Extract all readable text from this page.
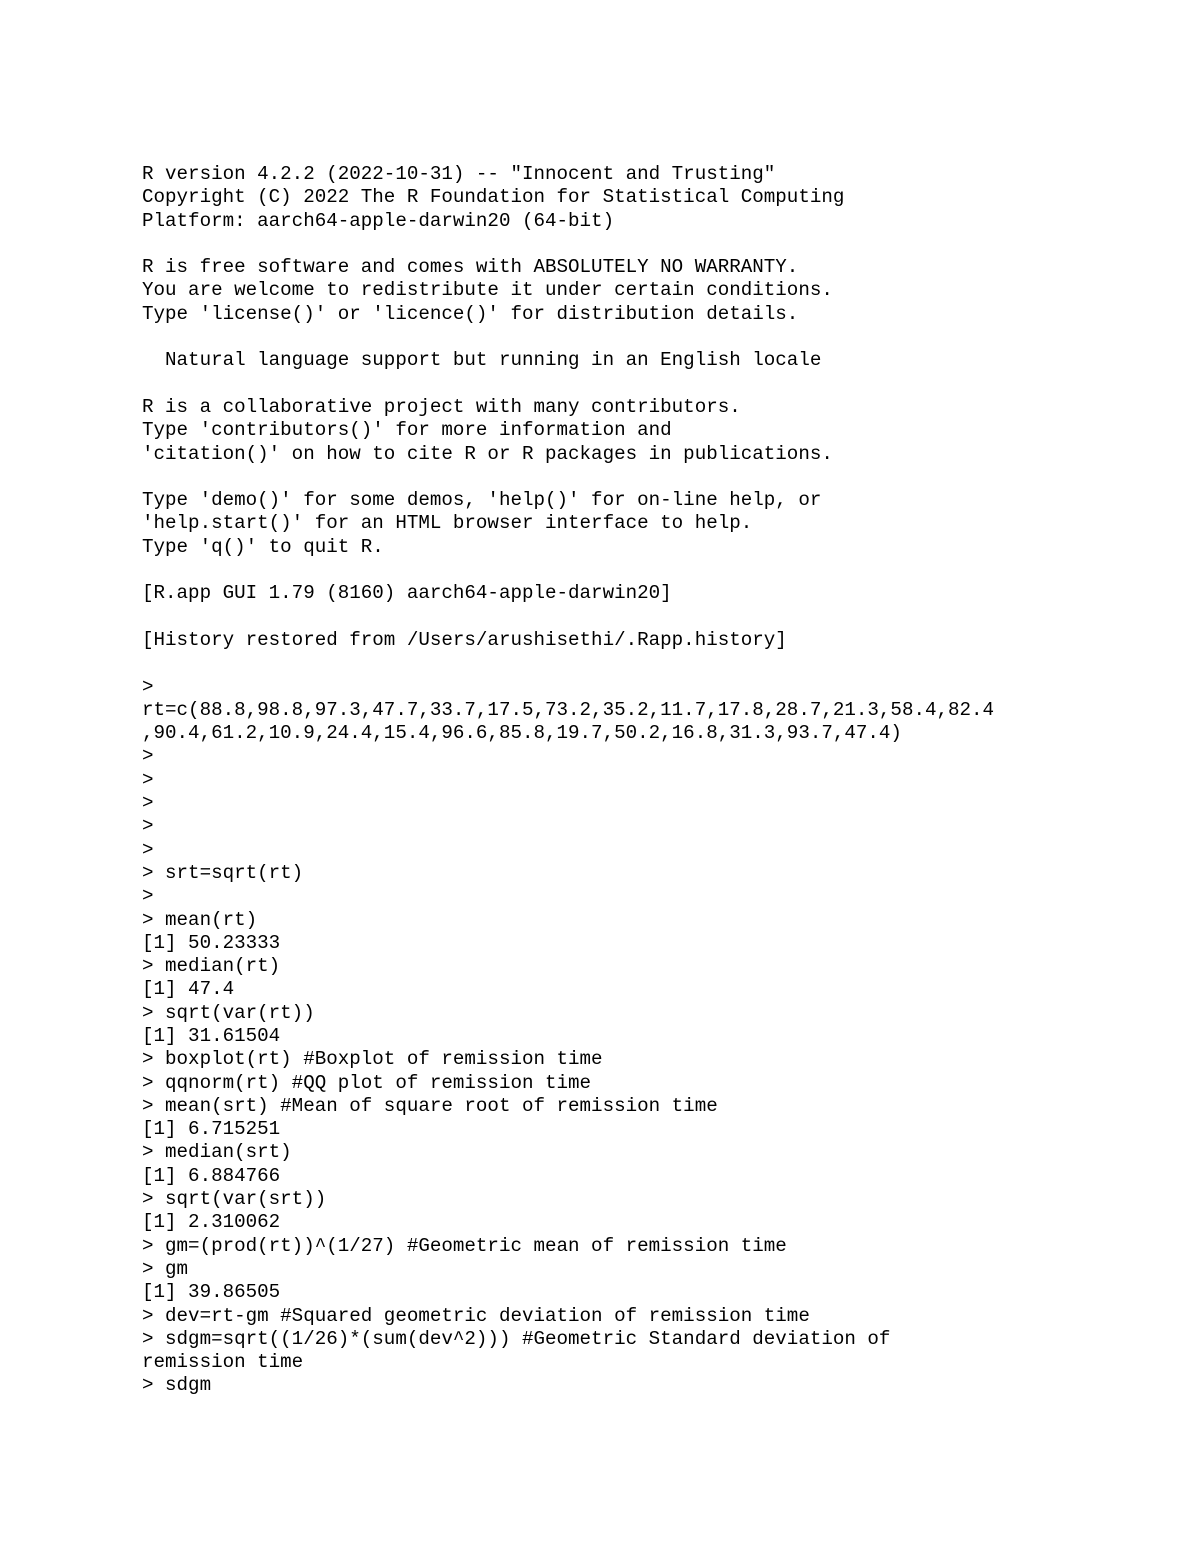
R version 4.2.2 (2022-10-31) -- "Innocent and Trusting"
Copyright (C) 2022 The R Foundation for Statistical Computing
Platform: aarch64-apple-darwin20 (64-bit)
R is free software and comes with ABSOLUTELY NO WARRANTY.
You are welcome to redistribute it under certain conditions.
Type 'license()' or 'licence()' for distribution details.
Natural language support but running in an English locale
R is a collaborative project with many contributors.
Type 'contributors()' for more information and
'citation()' on how to cite R or R packages in publications.
Type 'demo()' for some demos, 'help()' for on-line help, or
'help.start()' for an HTML browser interface to help.
Type 'q()' to quit R.
[R.app GUI 1.79 (8160) aarch64-apple-darwin20]
[History restored from /Users/arushisethi/.Rapp.history]
>
rt=c(88.8,98.8,97.3,47.7,33.7,17.5,73.2,35.2,11.7,17.8,28.7,21.3,58.4,82.4
,90.4,61.2,10.9,24.4,15.4,96.6,85.8,19.7,50.2,16.8,31.3,93.7,47.4)
>
>
>
>
>
> srt=sqrt(rt)
>
> mean(rt)
[1] 50.23333
> median(rt)
[1] 47.4
> sqrt(var(rt))
[1] 31.61504
> boxplot(rt) #Boxplot of remission time
> qqnorm(rt) #QQ plot of remission time
> mean(srt) #Mean of square root of remission time
[1] 6.715251
> median(srt)
[1] 6.884766
> sqrt(var(srt))
[1] 2.310062
> gm=(prod(rt))^(1/27) #Geometric mean of remission time
> gm
[1] 39.86505
> dev=rt-gm #Squared geometric deviation of remission time
> sdgm=sqrt((1/26)*(sum(dev^2))) #Geometric Standard deviation of
remission time
> sdgm
